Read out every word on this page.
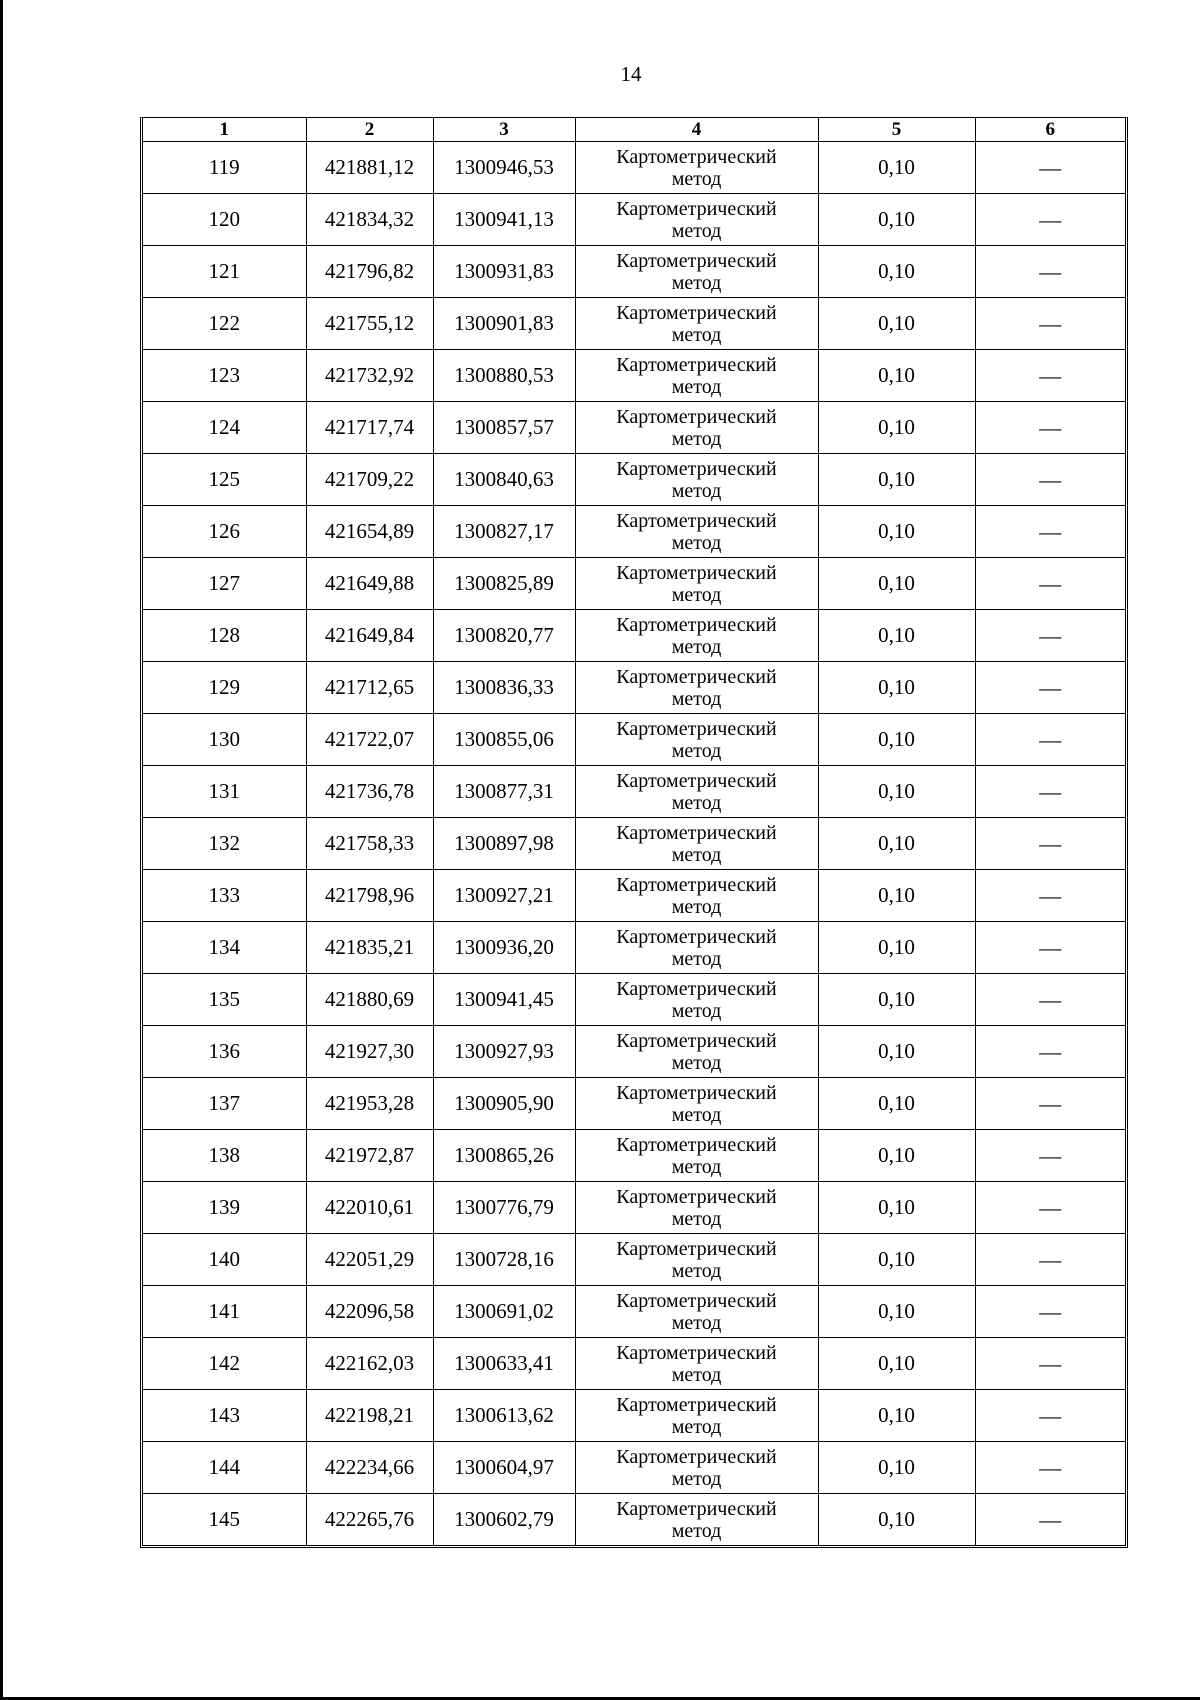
14
1	2	3	4	5	6
119	421881,12	1300946,53	Картометрический
метод	0,10	—
120	421834,32	1300941,13	Картометрический
метод	0,10	—
121	421796,82	1300931,83	Картометрический
метод	0,10	—
122	421755,12	1300901,83	Картометрический
метод	0,10	—
123	421732,92	1300880,53	Картометрический
метод	0,10	—
124	421717,74	1300857,57	Картометрический
метод	0,10	—
125	421709,22	1300840,63	Картометрический
метод	0,10	—
126	421654,89	1300827,17	Картометрический
метод	0,10	—
127	421649,88	1300825,89	Картометрический
метод	0,10	—
128	421649,84	1300820,77	Картометрический
метод	0,10	—
129	421712,65	1300836,33	Картометрический
метод	0,10	—
130	421722,07	1300855,06	Картометрический
метод	0,10	—
131	421736,78	1300877,31	Картометрический
метод	0,10	—
132	421758,33	1300897,98	Картометрический
метод	0,10	—
133	421798,96	1300927,21	Картометрический
метод	0,10	—
134	421835,21	1300936,20	Картометрический
метод	0,10	—
135	421880,69	1300941,45	Картометрический
метод	0,10	—
136	421927,30	1300927,93	Картометрический
метод	0,10	—
137	421953,28	1300905,90	Картометрический
метод	0,10	—
138	421972,87	1300865,26	Картометрический
метод	0,10	—
139	422010,61	1300776,79	Картометрический
метод	0,10	—
140	422051,29	1300728,16	Картометрический
метод	0,10	—
141	422096,58	1300691,02	Картометрический
метод	0,10	—
142	422162,03	1300633,41	Картометрический
метод	0,10	—
143	422198,21	1300613,62	Картометрический
метод	0,10	—
144	422234,66	1300604,97	Картометрический
метод	0,10	—
145	422265,76	1300602,79	Картометрический
метод	0,10	—
